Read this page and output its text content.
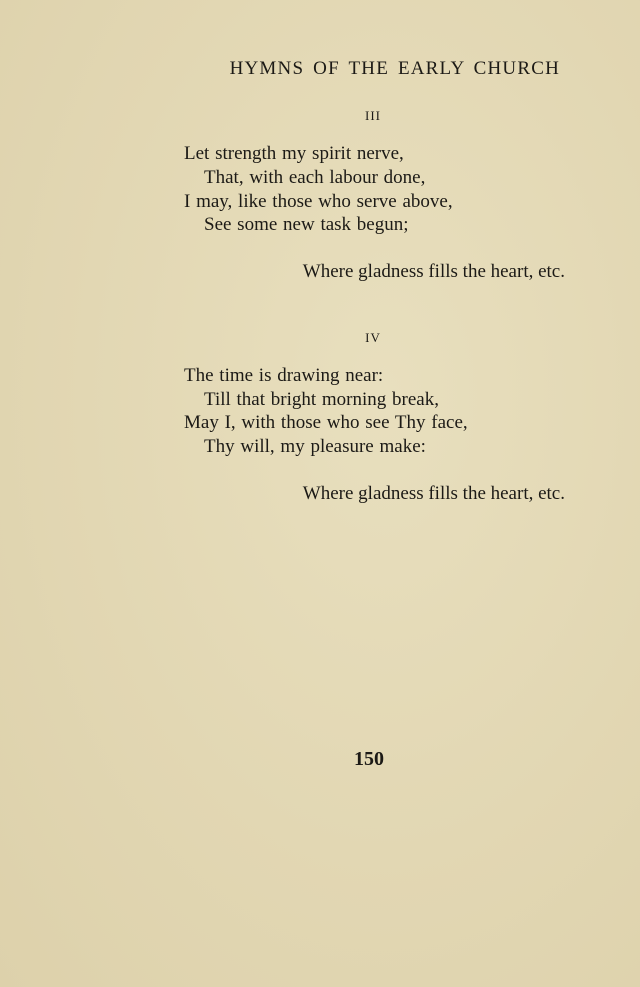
HYMNS OF THE EARLY CHURCH
III
Let strength my spirit nerve,
That, with each labour done,
I may, like those who serve above,
See some new task begun;
Where gladness fills the heart, etc.
IV
The time is drawing near:
Till that bright morning break,
May I, with those who see Thy face,
Thy will, my pleasure make:
Where gladness fills the heart, etc.
150
